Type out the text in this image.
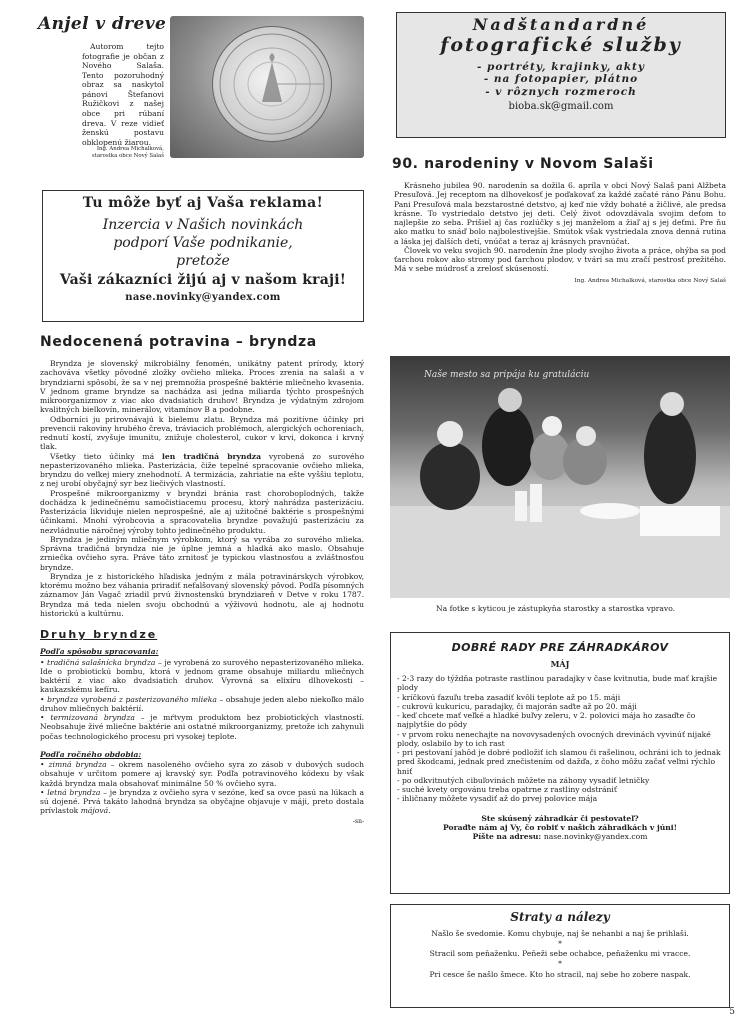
Anjel v dreve

Autorom tejto fotografie je občan z Nového Salaša. Tento pozoruhodný obraz sa naskytol pánovi Štefanovi Ružičkovi z našej obce pri rúbaní dreva. V reze vidieť ženskú postavu obklopenú žiarou.

Ing. Andrea Michalková,
starostka obce Nový Salaš
Tu môže byť aj Vaša reklama!
Inzercia v Našich novinkách
podporí Vaše podnikanie,
pretože
Vaši zákazníci žijú aj v našom kraji!
nase.novinky@yandex.com
Nedocenená potravina – bryndza

Bryndza je slovenský mikrobiálny fenomén, unikátny patent prírody, ktorý zachováva všetky pôvodné zložky ovčieho mlieka. Proces zrenia na salaši a v bryndziarni spôsobí, že sa v nej premnožia prospešné baktérie mliečneho kvasenia. V jednom grame bryndze sa nachádza asi jedna miliarda týchto prospešných mikroorganizmov z viac ako dvadsiatich druhov! Bryndza je výdatným zdrojom kvalitných bielkovín, minerálov, vitamínov B a podobne.

Odborníci ju prirovnávajú k bielemu zlatu. Bryndza má pozitívne účinky pri prevencii rakoviny hrubého čreva, tráviacich problémoch, alergických ochoreniach, rednutí kostí, zvyšuje imunitu, znižuje cholesterol, cukor v krvi, dokonca i krvný tlak.

Všetky tieto účinky má len tradičná bryndza vyrobená zo surového nepasterizovaného mlieka. Pasterizácia, čiže tepelné spracovanie ovčieho mlieka, bryndzu do veľkej miery znehodnotí. A termizácia, zahriatie na ešte vyššiu teplotu, z nej urobí obyčajný syr bez liečivých vlastností.

Prospešné mikroorganizmy v bryndzi bránia rast choroboplodných, takže dochádza k jedinečnému samočistiacemu procesu, ktorý nahrádza pasterizáciu. Pasterizácia likviduje nielen neprospešné, ale aj užitočné baktérie s prospešnými účinkami. Mnohí výrobcovia a spracovatelia bryndze považujú pasterizáciu za nezvládnutie náročnej výroby tohto jedinečného produktu.

Bryndza je jediným mliečnym výrobkom, ktorý sa vyrába zo surového mlieka. Správna tradičná bryndza nie je úplne jemná a hladká ako maslo. Obsahuje zrniečka ovčieho syra. Práve táto zrnitosť je typickou vlastnosťou a zvláštnosťou bryndze.

Bryndza je z historického hľadiska jedným z mála potravinárskych výrobkov, ktorému možno bez váhania priradiť nefalšovaný slovenský pôvod. Podľa písomných záznamov Ján Vagač zriadil prvú živnostenskú bryndziareň v Detve v roku 1787. Bryndza má teda nielen svoju obchodnú a výživovú hodnotu, ale aj hodnotu historickú a kultúrnu.

Druhy bryndze
Podľa spôsobu spracovania:
• tradičná salašnícka bryndza – je vyrobená zo surového nepasterizovaného mlieka. Ide o probiotickú bombu, ktorá v jednom grame obsahuje miliardu mliečnych baktérií z viac ako dvadsiatich druhov. Vyrovná sa elixíru dlhovekosti – kaukazskému kefíru.
• bryndza vyrobená z pasterizovaného mlieka – obsahuje jeden alebo niekoľko málo druhov mliečnych baktérií.
• termizovaná bryndza – je mŕtvym produktom bez probiotických vlastností. Neobsahuje živé mliečne baktérie ani ostatné mikroorganizmy, pretože ich zahynuli počas technologického procesu pri vysokej teplote.
Podľa ročného obdobia:
• zimná bryndza – okrem nasoleného ovčieho syra zo zásob v dubových sudoch obsahuje v určitom pomere aj kravský syr. Podľa potravinového kódexu by však každá bryndza mala obsahovať minimálne 50 % ovčieho syra.
• letná bryndza – je bryndza z ovčieho syra v sezóne, keď sa ovce pasú na lúkach a sú dojené. Prvá takáto lahodná bryndza sa obyčajne objavuje v máji, preto dostala prívlastok májová.
-sn-
Nadštandardné
fotografické služby
- portréty, krajinky, akty
- na fotopapier, plátno
- v rôznych rozmeroch
bioba.sk@gmail.com
90. narodeniny v Novom Salaši

Krásneho jubilea 90. narodenín sa dožila 6. apríla v obci Nový Salaš pani Alžbeta Presuľová. Jej receptom na dlhovekosť je poďakovať za každé začaté ráno Pánu Bohu. Pani Presuľová mala bezstarostné detstvo, aj keď nie vždy bohaté a žičlivé, ale predsa krásne. To vystriedalo detstvo jej deti. Celý život odovzdávala svojim deťom to najlepšie zo seba. Prišiel aj čas rozlúčky s jej manželom a žiaľ aj s jej deťmi. Pre ňu ako matku to snáď bolo najbolestivejšie. Smútok však vystriedala znova denná rutina a láska jej ďalších detí, vnúčat a teraz aj krásnych pravnúčat.

Človek vo veku svojich 90. narodenín žne plody svojho života a práce, ohýba sa pod ťarchou rokov ako stromy pod ťarchou plodov, v tvári sa mu zračí pestrosť prežitého. Má v sebe múdrosť a zrelosť skúseností.

Ing. Andrea Michalková, starostka obce Nový Salaš
Naše mesto sa pripája ku gratuláciu
Na fotke s kyticou je zástupkyňa starostky a starostka vpravo.
DOBRÉ RADY PRE ZÁHRADKÁROV
MÁJ
- 2-3 razy do týždňa potraste rastlinou paradajky v čase kvitnutia, bude mať krajšie plody
- kríčkovú fazuľu treba zasadiť kvôli teplote až po 15. máji
- cukrovú kukuricu, paradajky, či majorán saďte až po 20. máji
- keď chcete mať veľké a hladké buľvy zeleru, v 2. polovici mája ho zasaďte čo najplytšie do pôdy
- v prvom roku nenechajte na novovysadených ovocných drevinách vyvinúť nijaké plody, oslabilo by to ich rast
- pri pestovaní jahôd je dobré podložiť ich slamou či rašelinou, ochráni ich to jednak pred škodcami, jednak pred znečistením od dažďa, z čoho môžu začať veľmi rýchlo hniť
- po odkvitnutých cibuľovinách môžete na záhony vysadiť letničky
- suché kvety orgovánu treba opatrne z rastliny odstrániť
- ihličnany môžete vysadiť až do prvej polovice mája
Ste skúsený záhradkár či pestovateľ?
Poraďte nám aj Vy, čo robiť v našich záhradkách v júni!
Píšte na adresu: nase.novinky@yandex.com
Straty a nálezy
Našlo še svedomie. Komu chybuje, naj še nehanbi a naj še prihlaši.
*
Stracil som peňaženku. Peňeži sebe ochabce, peňaženku mi vracce.
*
Pri cesce še našlo šmece. Kto ho stracil, naj sebe ho zobere naspak.
5
